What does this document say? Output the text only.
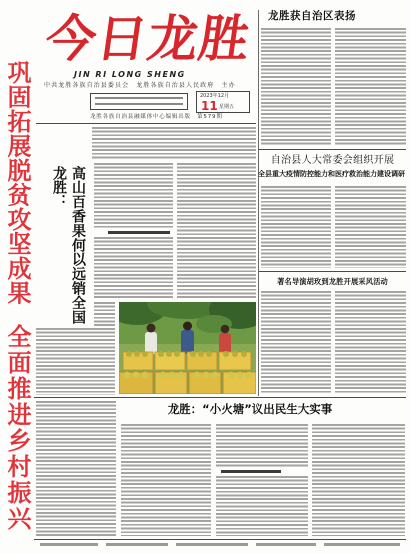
巩固拓展脱贫攻坚成果
全面推进乡村振兴
今日龙胜
JIN RI LONG SHENG
中共龙胜各族自治县委员会　龙胜各族自治县人民政府　主办
2023年12月
11 星期五
龙胜各族自治县融媒体中心编辑出版　 第579期
龙胜： 高山百香果何以远销全国
龙胜获自治区表扬
自治县人大常委会组织开展
全县重大疫情防控能力和医疗救治能力建设调研
著名导演胡玫到龙胜开展采风活动
龙胜：“小火塘”议出民生大实事
